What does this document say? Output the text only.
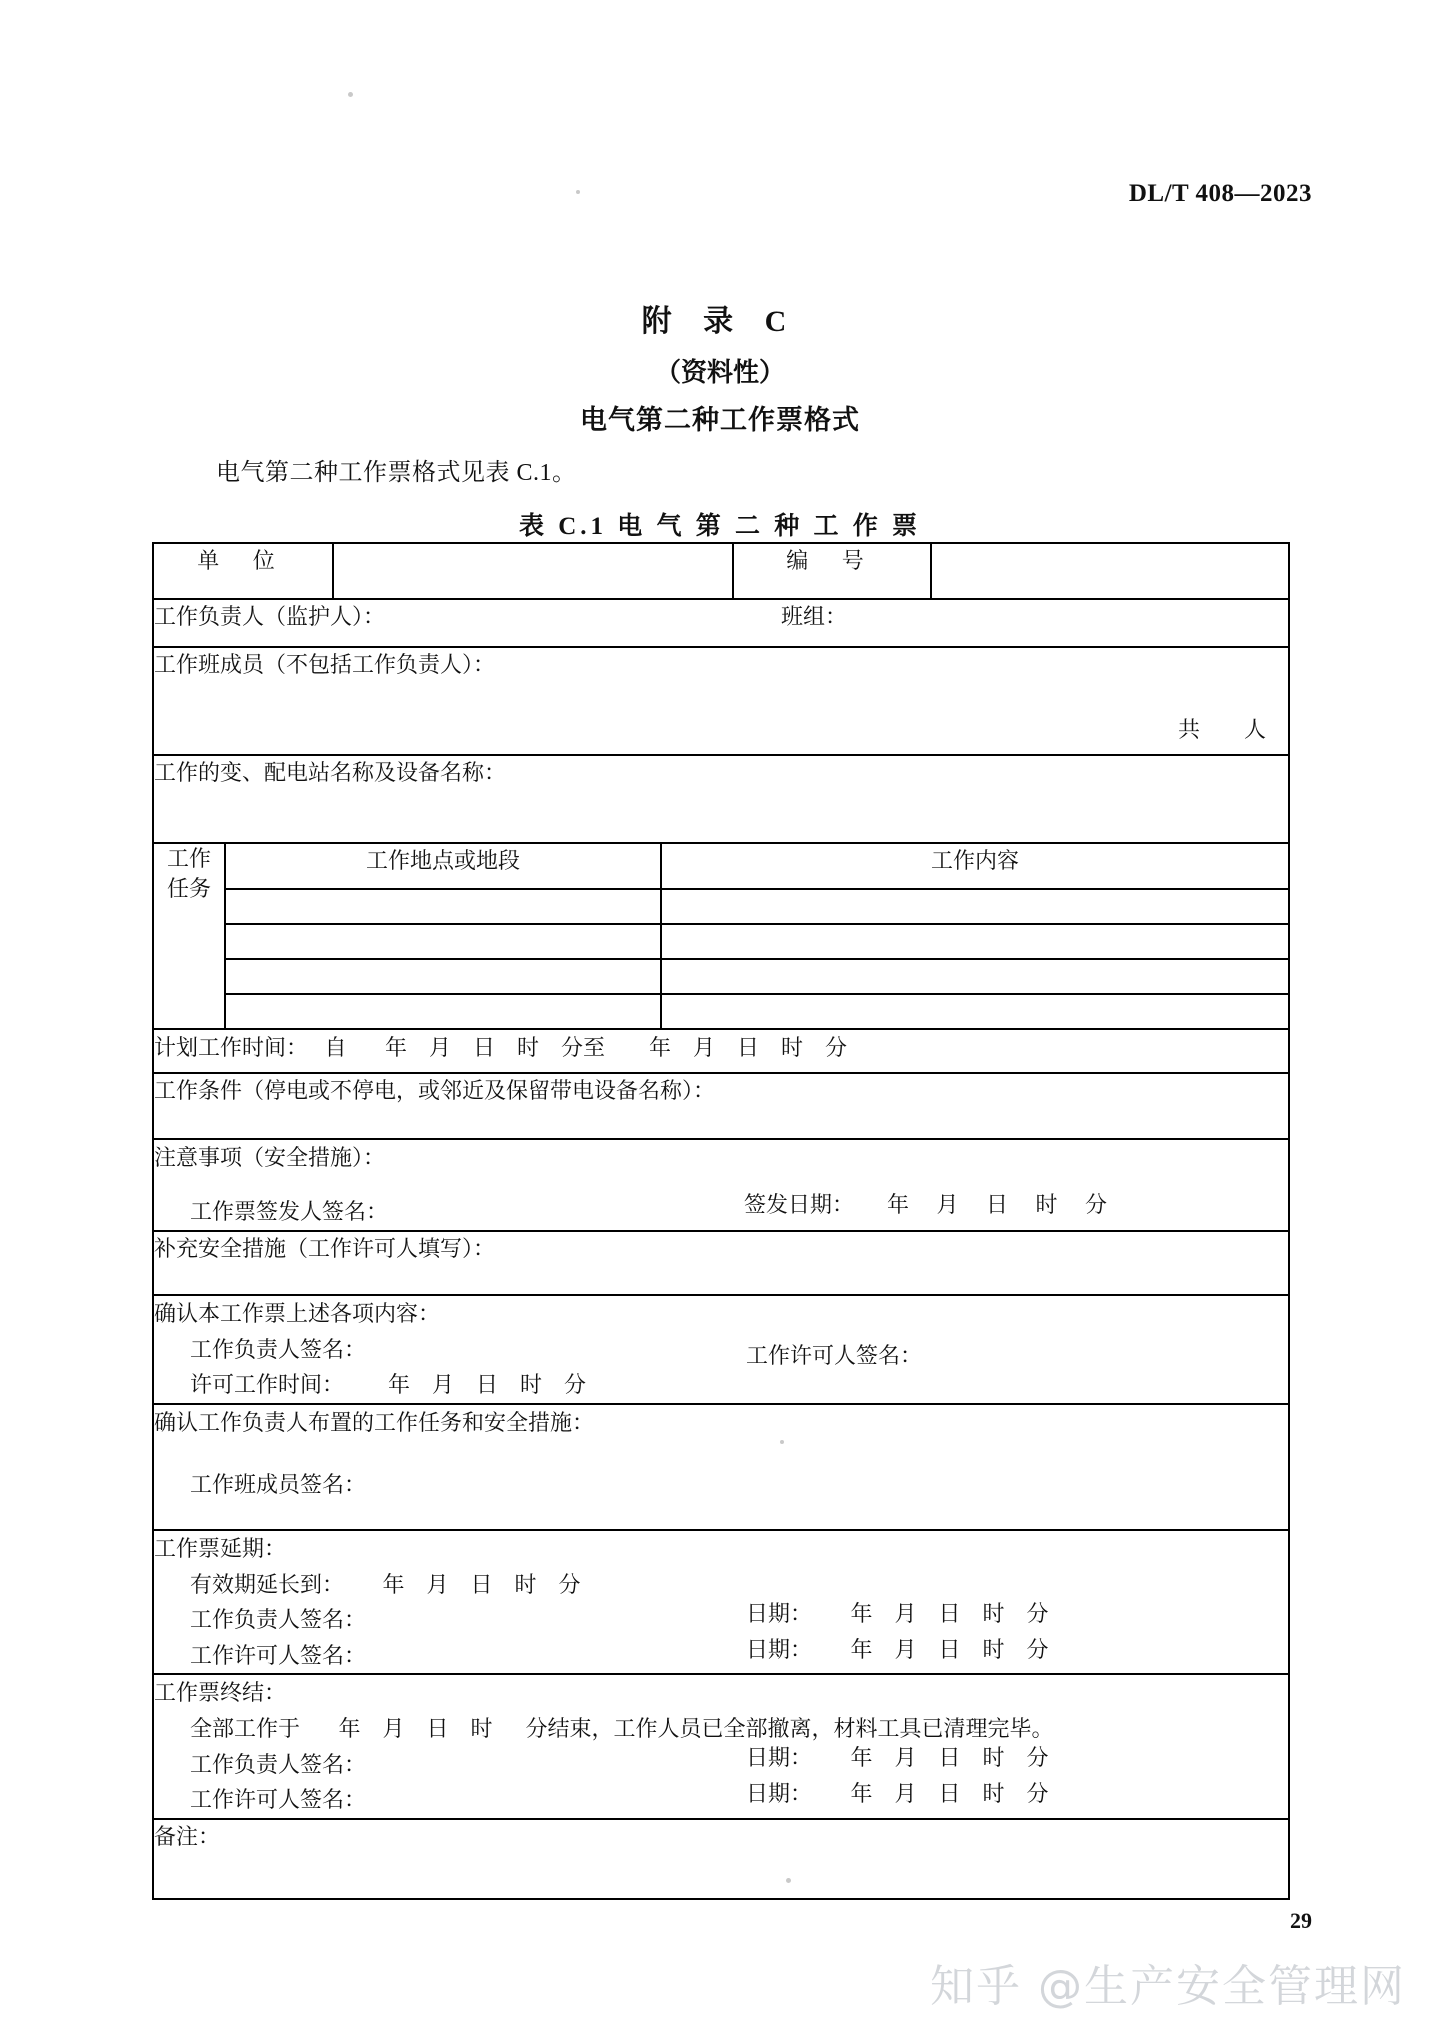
DL/T 408—2023
附 录 C
（资料性）
电气第二种工作票格式
电气第二种工作票格式见表 C.1。
表 C.1 电 气 第 二 种 工 作 票
单 位				编 号	
工作负责人（监护人）：			班组：		
工作班成员（不包括工作负责人）：
共        人					

工作的变、配电站名称及设备名称：					

工作
任务	工作地点或地段		工作内容		

计划工作时间：   自       年    月    日    时    分至        年    月    日    时    分					

工作条件（停电或不停电，或邻近及保留带电设备名称）：					

注意事项（安全措施）：
工作票签发人签名： 签发日期：      年     月     日     时     分					

补充安全措施（工作许可人填写）：					

确认本工作票上述各项内容：
工作负责人签名：
许可工作时间：        年    月    日    时    分
工作许可人签名：					

确认工作负责人布置的工作任务和安全措施：
工作班成员签名：					

工作票延期：
有效期延长到：       年    月    日    时    分
工作负责人签名：
工作许可人签名：
日期：       年    月    日    时    分
日期：       年    月    日    时    分

工作票终结：
全部工作于       年    月    日    时      分结束，工作人员已全部撤离，材料工具已清理完毕。
工作负责人签名：
工作许可人签名：
日期：       年    月    日    时    分
日期：       年    月    日    时    分

备注：					
29
知乎 @生产安全管理网
